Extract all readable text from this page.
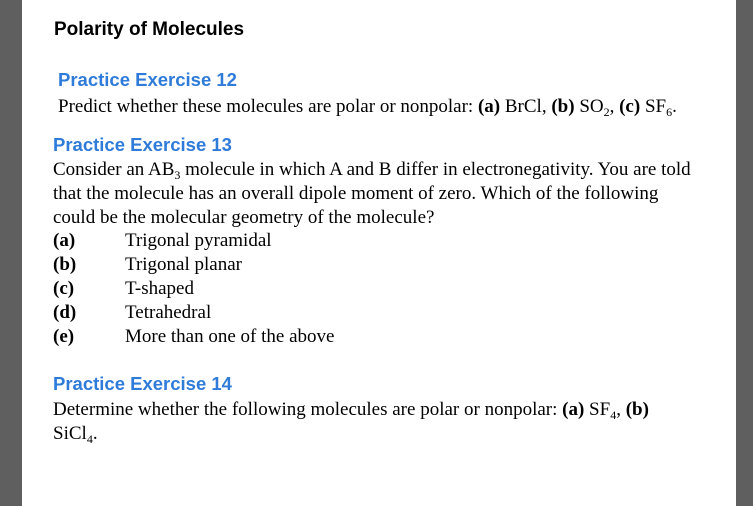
Polarity of Molecules
Practice Exercise 12
Predict whether these molecules are polar or nonpolar: (a) BrCl, (b) $SO_2$, (c) $SF_6$.
Practice Exercise 13
Consider an $AB_3$ molecule in which A and B differ in electronegativity. You are told
that the molecule has an overall dipole moment of zero. Which of the following
could be the molecular geometry of the molecule?
(a)	Trigonal pyramidal
(b)	Trigonal planar
(c)	T-shaped
(d)	Tetrahedral
(e)	More than one of the above
Practice Exercise 14
Determine whether the following molecules are polar or nonpolar: (a) $SF_4$, (b)
SiCl$_4$.
